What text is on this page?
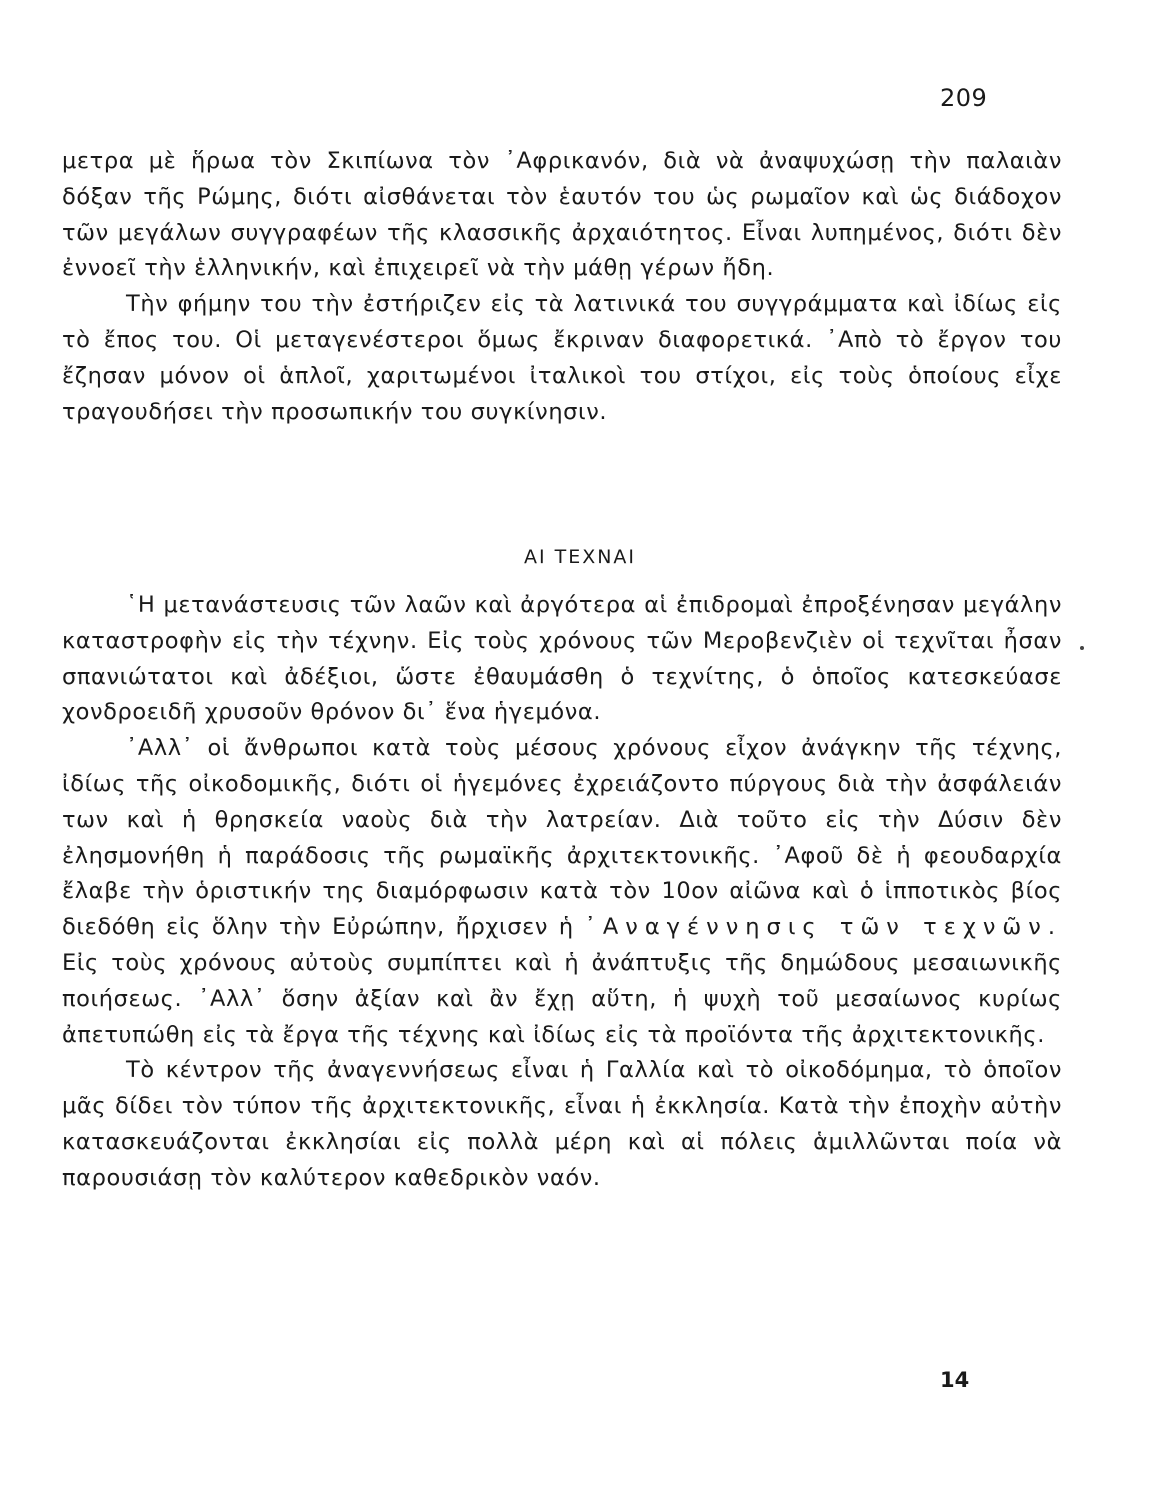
209

μετρα μὲ ἥρωα τὸν Σκιπίωνα τὸν ᾿Αφρικανόν, διὰ νὰ ἀναψυχώσῃ τὴν παλαιὰν δόξαν τῆς Ρώμης, διότι αἰσθάνεται τὸν ἑαυτόν του ὡς ρωμαῖον καὶ ὡς διάδοχον τῶν μεγάλων συγγραφέων τῆς κλασσικῆς ἀρχαιότητος. Εἶναι λυπημένος, διότι δὲν ἐννοεῖ τὴν ἑλληνικήν, καὶ ἐπιχειρεῖ νὰ τὴν μάθῃ γέρων ἤδη.

Τὴν φήμην του τὴν ἐστήριζεν εἰς τὰ λατινικά του συγγράμματα καὶ ἰδίως εἰς τὸ ἔπος του. Οἱ μεταγενέστεροι ὅμως ἔκριναν διαφορετικά. ᾿Απὸ τὸ ἔργον του ἔζησαν μόνον οἱ ἁπλοῖ, χαριτωμένοι ἰταλικοὶ του στίχοι, εἰς τοὺς ὁποίους εἶχε τραγουδήσει τὴν προσωπικήν του συγκίνησιν.

ΑΙ ΤΕΧΝΑΙ

῾Η μετανάστευσις τῶν λαῶν καὶ ἀργότερα αἱ ἐπιδρομαὶ ἐπροξένησαν μεγάλην καταστροφὴν εἰς τὴν τέχνην. Εἰς τοὺς χρόνους τῶν Μεροβενζιὲν οἱ τεχνῖται ἦσαν σπανιώτατοι καὶ ἀδέξιοι, ὥστε ἐθαυμάσθη ὁ τεχνίτης, ὁ ὁποῖος κατεσκεύασε χονδροειδῆ χρυσοῦν θρόνον δι᾿ ἕνα ἡγεμόνα.

᾿Αλλ᾿ οἱ ἄνθρωποι κατὰ τοὺς μέσους χρόνους εἶχον ἀνάγκην τῆς τέχνης, ἰδίως τῆς οἰκοδομικῆς, διότι οἱ ἡγεμόνες ἐχρειάζοντο πύργους διὰ τὴν ἀσφάλειάν των καὶ ἡ θρησκεία ναοὺς διὰ τὴν λατρείαν. Διὰ τοῦτο εἰς τὴν Δύσιν δὲν ἐλησμονήθη ἡ παράδοσις τῆς ρωμαϊκῆς ἀρχιτεκτονικῆς. ᾿Αφοῦ δὲ ἡ φεουδαρχία ἔλαβε τὴν ὁριστικήν της διαμόρφωσιν κατὰ τὸν 10ον αἰῶνα καὶ ὁ ἱπποτικὸς βίος διεδόθη εἰς ὅλην τὴν Εὐρώπην, ἤρχισεν ἡ ᾿Αναγέννησις τῶν τεχνῶν. Εἰς τοὺς χρόνους αὐτοὺς συμπίπτει καὶ ἡ ἀνάπτυξις τῆς δημώδους μεσαιωνικῆς ποιήσεως. ᾿Αλλ᾿ ὅσην ἀξίαν καὶ ἂν ἔχῃ αὕτη, ἡ ψυχὴ τοῦ μεσαίωνος κυρίως ἀπετυπώθη εἰς τὰ ἔργα τῆς τέχνης καὶ ἰδίως εἰς τὰ προϊόντα τῆς ἀρχιτεκτονικῆς.

Τὸ κέντρον τῆς ἀναγεννήσεως εἶναι ἡ Γαλλία καὶ τὸ οἰκοδόμημα, τὸ ὁποῖον μᾶς δίδει τὸν τύπον τῆς ἀρχιτεκτονικῆς, εἶναι ἡ ἐκκλησία. Κατὰ τὴν ἐποχὴν αὐτὴν κατασκευάζονται ἐκκλησίαι εἰς πολλὰ μέρη καὶ αἱ πόλεις ἁμιλλῶνται ποία νὰ παρουσιάσῃ τὸν καλύτερον καθεδρικὸν ναόν.

14
